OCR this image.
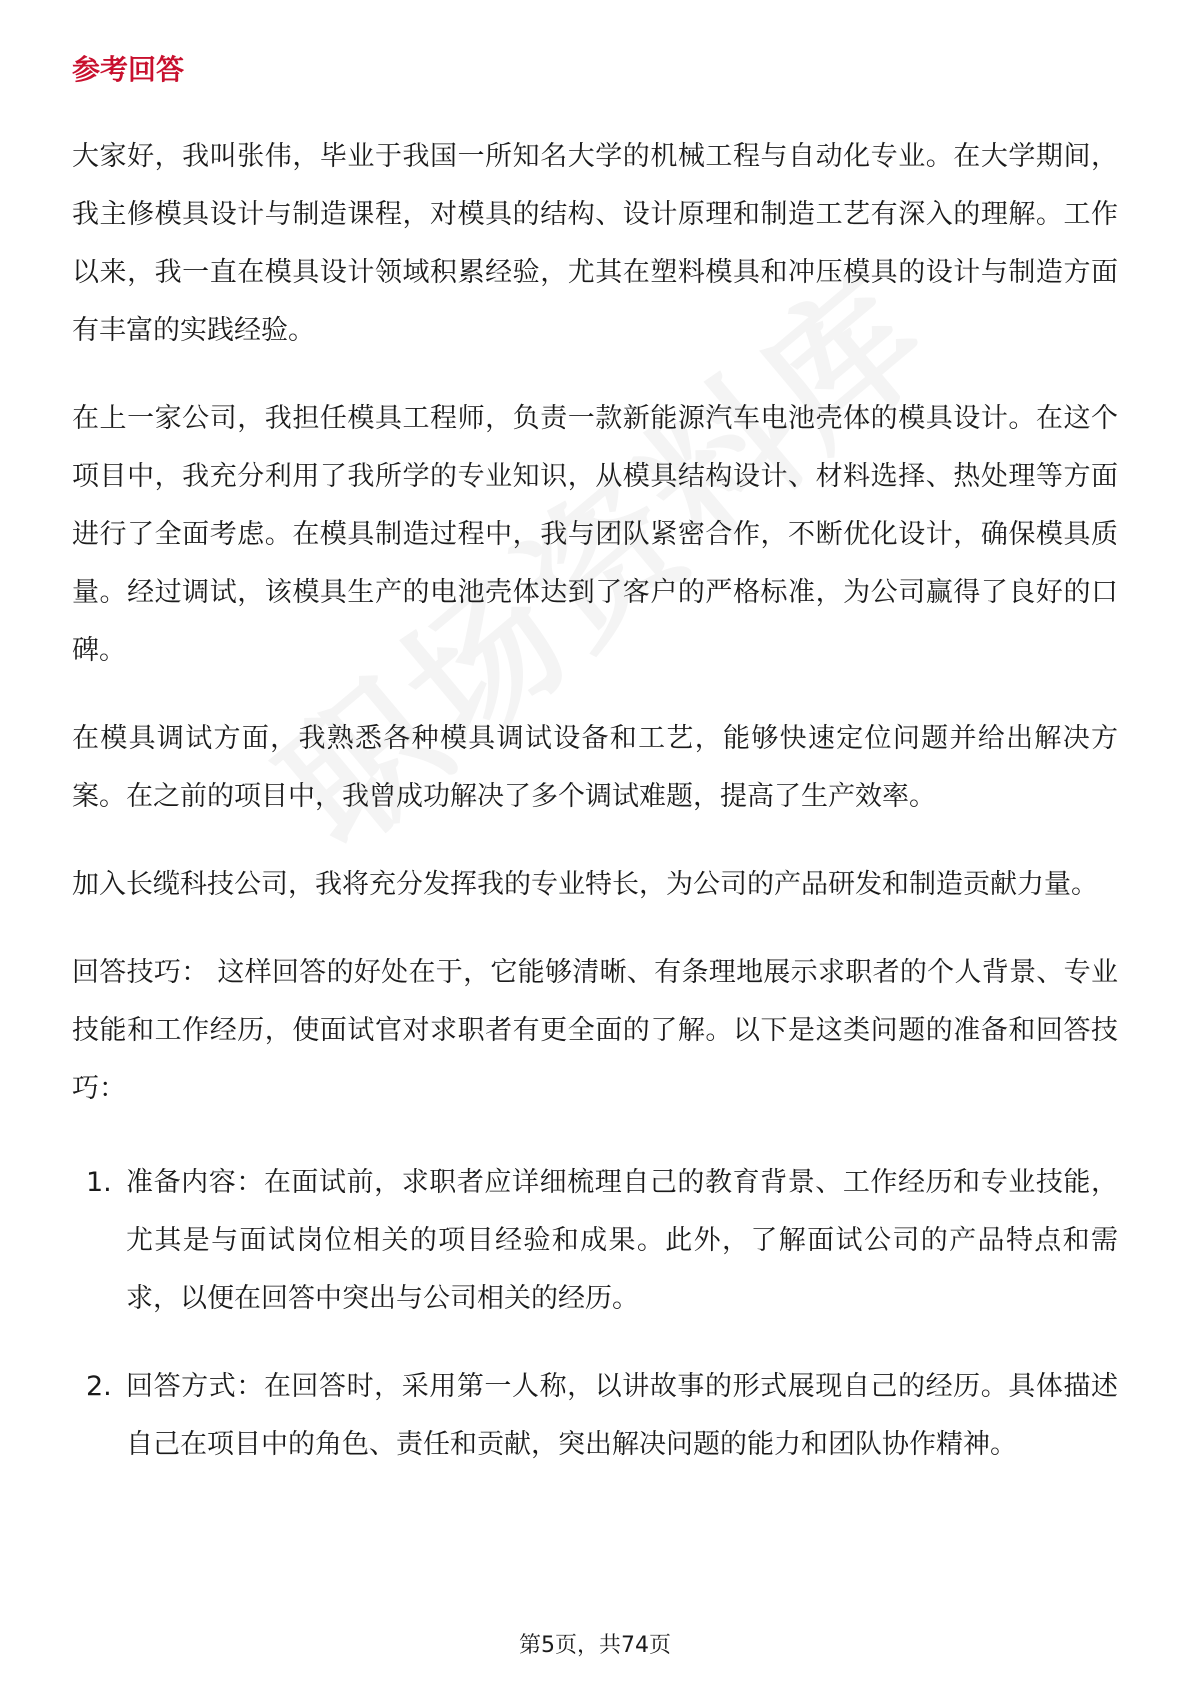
参考回答

大家好，我叫张伟，毕业于我国一所知名大学的机械工程与自动化专业。在大学期间，我主修模具设计与制造课程，对模具的结构、设计原理和制造工艺有深入的理解。工作以来，我一直在模具设计领域积累经验，尤其在塑料模具和冲压模具的设计与制造方面有丰富的实践经验。

在上一家公司，我担任模具工程师，负责一款新能源汽车电池壳体的模具设计。在这个项目中，我充分利用了我所学的专业知识，从模具结构设计、材料选择、热处理等方面进行了全面考虑。在模具制造过程中，我与团队紧密合作，不断优化设计，确保模具质量。经过调试，该模具生产的电池壳体达到了客户的严格标准，为公司赢得了良好的口碑。

在模具调试方面，我熟悉各种模具调试设备和工艺，能够快速定位问题并给出解决方案。在之前的项目中，我曾成功解决了多个调试难题，提高了生产效率。

加入长缆科技公司，我将充分发挥我的专业特长，为公司的产品研发和制造贡献力量。

回答技巧： 这样回答的好处在于，它能够清晰、有条理地展示求职者的个人背景、专业技能和工作经历，使面试官对求职者有更全面的了解。以下是这类问题的准备和回答技巧：

1. 准备内容：在面试前，求职者应详细梳理自己的教育背景、工作经历和专业技能，尤其是与面试岗位相关的项目经验和成果。此外，了解面试公司的产品特点和需求，以便在回答中突出与公司相关的经历。
2. 回答方式：在回答时，采用第一人称，以讲故事的形式展现自己的经历。具体描述自己在项目中的角色、责任和贡献，突出解决问题的能力和团队协作精神。
第5页，共74页
